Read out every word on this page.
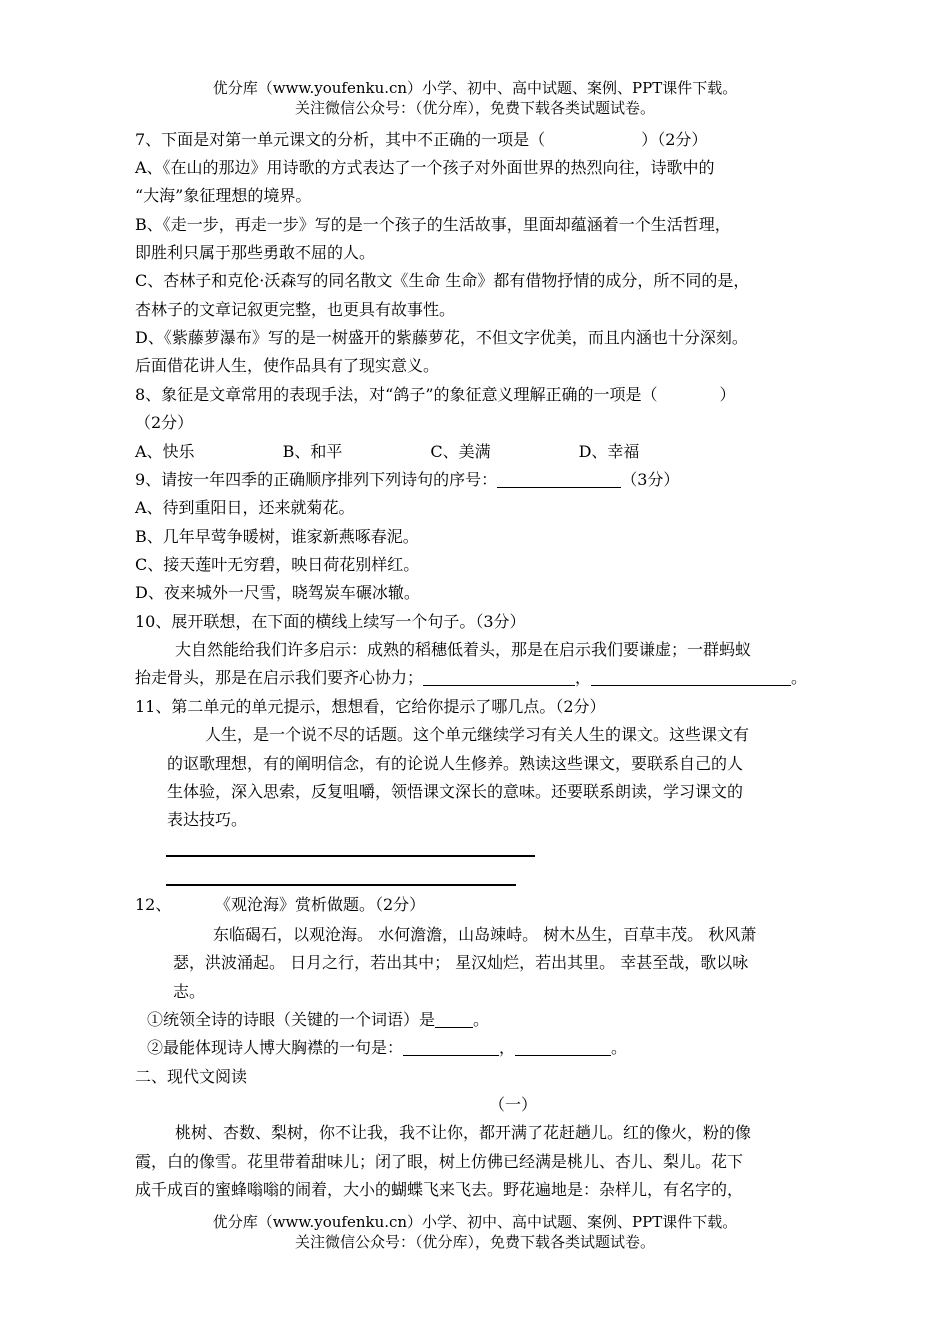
优分库（www.youfenku.cn）小学、初中、高中试题、案例、PPT课件下载。
关注微信公众号：（优分库），免费下载各类试题试卷。
7、下面是对第一单元课文的分析，其中不正确的一项是（	）（2分）
A、《在山的那边》用诗歌的方式表达了一个孩子对外面世界的热烈向往，诗歌中的
“大海”象征理想的境界。
B、《走一步，再走一步》写的是一个孩子的生活故事，里面却蕴涵着一个生活哲理，
即胜利只属于那些勇敢不屈的人。
C、杏林子和克伦·沃森写的同名散文《生命 生命》都有借物抒情的成分，所不同的是，
杏林子的文章记叙更完整，也更具有故事性。
D、《紫藤萝瀑布》写的是一树盛开的紫藤萝花，不但文字优美，而且内涵也十分深刻。
后面借花讲人生，使作品具有了现实意义。
8、象征是文章常用的表现手法，对“鸽子”的象征意义理解正确的一项是（	）
（2分）
A、快乐	B、和平	C、美满	D、幸福
9、请按一年四季的正确顺序排列下列诗句的序号：	（3分）
A、待到重阳日，还来就菊花。
B、几年早莺争暖树，谁家新燕啄春泥。
C、接天莲叶无穷碧，映日荷花别样红。
D、夜来城外一尺雪，晓驾炭车碾冰辙。
10、展开联想，在下面的横线上续写一个句子。（3分）
大自然能给我们许多启示：成熟的稻穗低着头，那是在启示我们要谦虚；一群蚂蚁
抬走骨头，那是在启示我们要齐心协力；	，	。
11、第二单元的单元提示，想想看，它给你提示了哪几点。（2分）
人生，是一个说不尽的话题。这个单元继续学习有关人生的课文。这些课文有
的讴歌理想，有的阐明信念，有的论说人生修养。熟读这些课文，要联系自己的人
生体验，深入思索，反复咀嚼，领悟课文深长的意味。还要联系朗读，学习课文的
表达技巧。
12、	《观沧海》赏析做题。（2分）
东临碣石，以观沧海。 水何澹澹，山岛竦峙。 树木丛生，百草丰茂。 秋风萧
瑟，洪波涌起。 日月之行，若出其中； 星汉灿烂，若出其里。 幸甚至哉，歌以咏
志。
①统领全诗的诗眼（关键的一个词语）是 。
②最能体现诗人博大胸襟的一句是：	，	。
二、现代文阅读
（一）
桃树、杏数、梨树，你不让我，我不让你，都开满了花赶趟儿。红的像火，粉的像
霞，白的像雪。花里带着甜味儿；闭了眼，树上仿佛已经满是桃儿、杏儿、梨儿。花下
成千成百的蜜蜂嗡嗡的闹着，大小的蝴蝶飞来飞去。野花遍地是：杂样儿，有名字的，
优分库（www.youfenku.cn）小学、初中、高中试题、案例、PPT课件下载。
关注微信公众号：（优分库），免费下载各类试题试卷。
